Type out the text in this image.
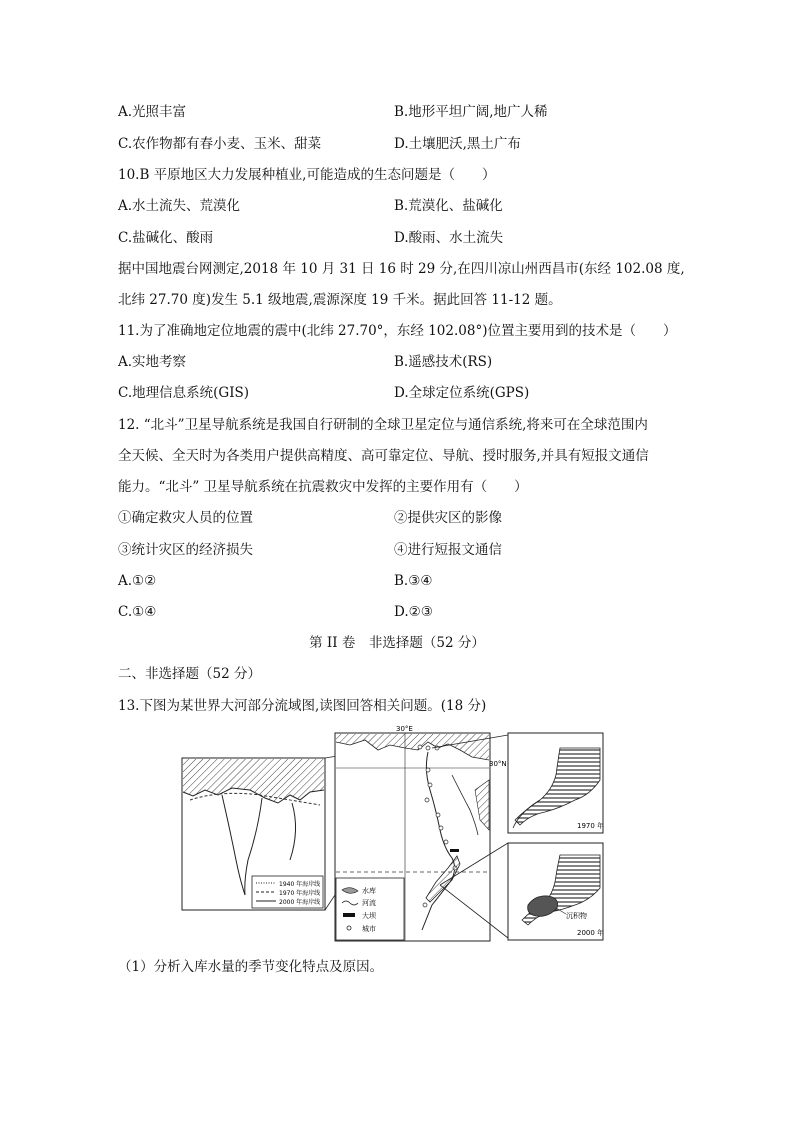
A.光照丰富	B.地形平坦广阔,地广人稀
C.农作物都有春小麦、玉米、甜菜	D.土壤肥沃,黑土广布
10.B 平原地区大力发展种植业,可能造成的生态问题是（　　）
A.水土流失、荒漠化	B.荒漠化、盐碱化
C.盐碱化、酸雨	D.酸雨、水土流失
据中国地震台网测定,2018 年 10 月 31 日 16 时 29 分,在四川凉山州西昌市(东经 102.08 度,
北纬 27.70 度)发生 5.1 级地震,震源深度 19 千米。据此回答 11-12 题。
11.为了准确地定位地震的震中(北纬 27.70°，东经 102.08°)位置主要用到的技术是（　　）
A.实地考察	B.遥感技术(RS)
C.地理信息系统(GIS)	D.全球定位系统(GPS)
12. “北斗”卫星导航系统是我国自行研制的全球卫星定位与通信系统,将来可在全球范围内
全天候、全天时为各类用户提供高精度、高可靠定位、导航、授时服务,并具有短报文通信
能力。“北斗” 卫星导航系统在抗震救灾中发挥的主要作用有（　　）
①确定救灾人员的位置	②提供灾区的影像
③统计灾区的经济损失	④进行短报文通信
A.①②	B.③④
C.①④	D.②③
第 II 卷　非选择题（52 分）
二、非选择题（52 分）
13.下图为某世界大河部分流域图,读图回答相关问题。(18 分)
1940 年海岸线
1970 年海岸线
2000 年海岸线
30°E
30°N
水库
河流
大坝
城市
1970 年
沉积物
2000 年
（1）分析入库水量的季节变化特点及原因。
